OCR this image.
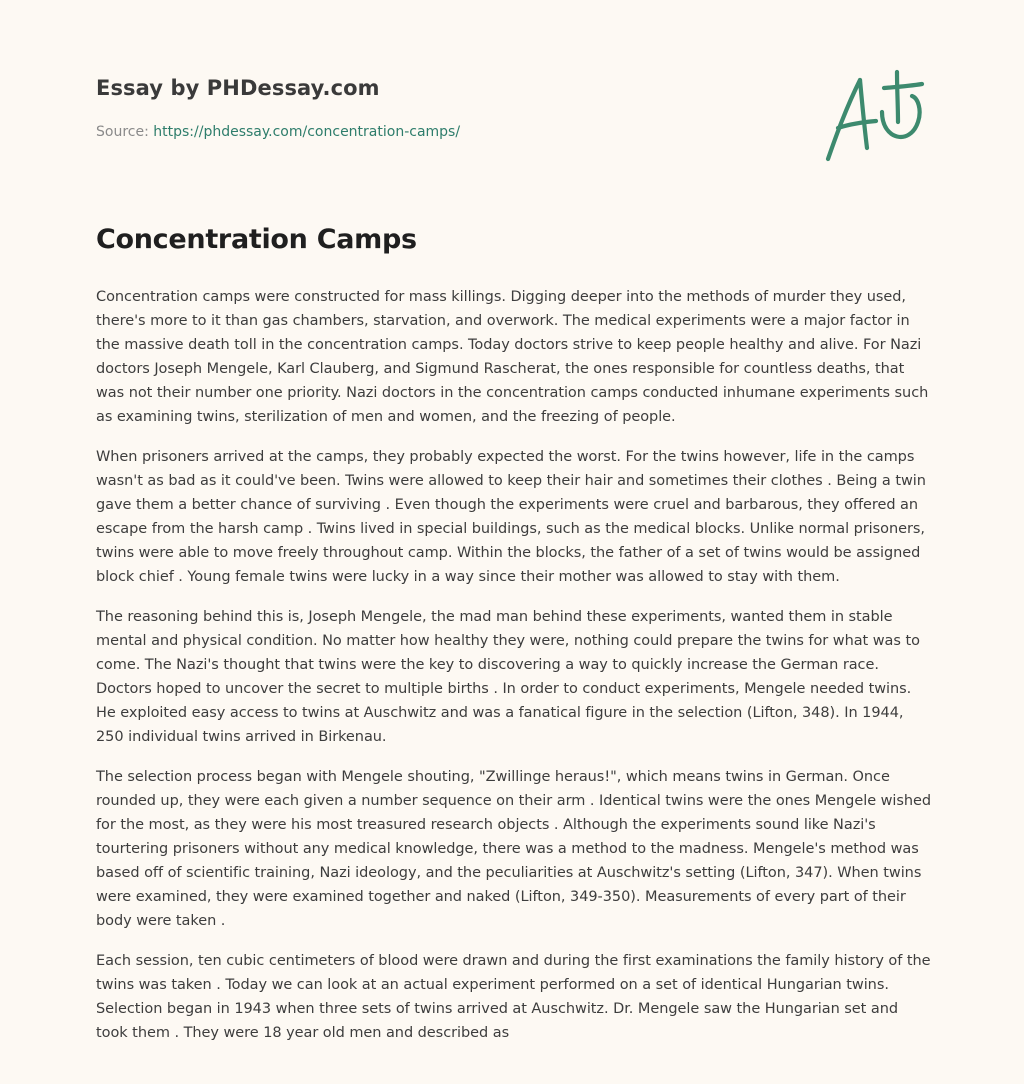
Essay by PHDessay.com
Source: https://phdessay.com/concentration-camps/
Concentration Camps

Concentration camps were constructed for mass killings. Digging deeper into the methods of murder they used, there's more to it than gas chambers, starvation, and overwork. The medical experiments were a major factor in the massive death toll in the concentration camps. Today doctors strive to keep people healthy and alive. For Nazi doctors Joseph Mengele, Karl Clauberg, and Sigmund Rascherat, the ones responsible for countless deaths, that was not their number one priority. Nazi doctors in the concentration camps conducted inhumane experiments such as examining twins, sterilization of men and women, and the freezing of people.

When prisoners arrived at the camps, they probably expected the worst. For the twins however, life in the camps wasn't as bad as it could've been. Twins were allowed to keep their hair and sometimes their clothes . Being a twin gave them a better chance of surviving . Even though the experiments were cruel and barbarous, they offered an escape from the harsh camp . Twins lived in special buildings, such as the medical blocks. Unlike normal prisoners, twins were able to move freely throughout camp. Within the blocks, the father of a set of twins would be assigned block chief . Young female twins were lucky in a way since their mother was allowed to stay with them.

The reasoning behind this is, Joseph Mengele, the mad man behind these experiments, wanted them in stable mental and physical condition. No matter how healthy they were, nothing could prepare the twins for what was to come. The Nazi's thought that twins were the key to discovering a way to quickly increase the German race. Doctors hoped to uncover the secret to multiple births . In order to conduct experiments, Mengele needed twins. He exploited easy access to twins at Auschwitz and was a fanatical figure in the selection (Lifton, 348). In 1944, 250 individual twins arrived in Birkenau.

The selection process began with Mengele shouting, "Zwillinge heraus!", which means twins in German. Once rounded up, they were each given a number sequence on their arm . Identical twins were the ones Mengele wished for the most, as they were his most treasured research objects . Although the experiments sound like Nazi's tourtering prisoners without any medical knowledge, there was a method to the madness. Mengele's method was based off of scientific training, Nazi ideology, and the peculiarities at Auschwitz's setting (Lifton, 347). When twins were examined, they were examined together and naked (Lifton, 349-350). Measurements of every part of their body were taken .

Each session, ten cubic centimeters of blood were drawn and during the first examinations the family history of the twins was taken . Today we can look at an actual experiment performed on a set of identical Hungarian twins. Selection began in 1943 when three sets of twins arrived at Auschwitz. Dr. Mengele saw the Hungarian set and took them . They were 18 year old men and described as
